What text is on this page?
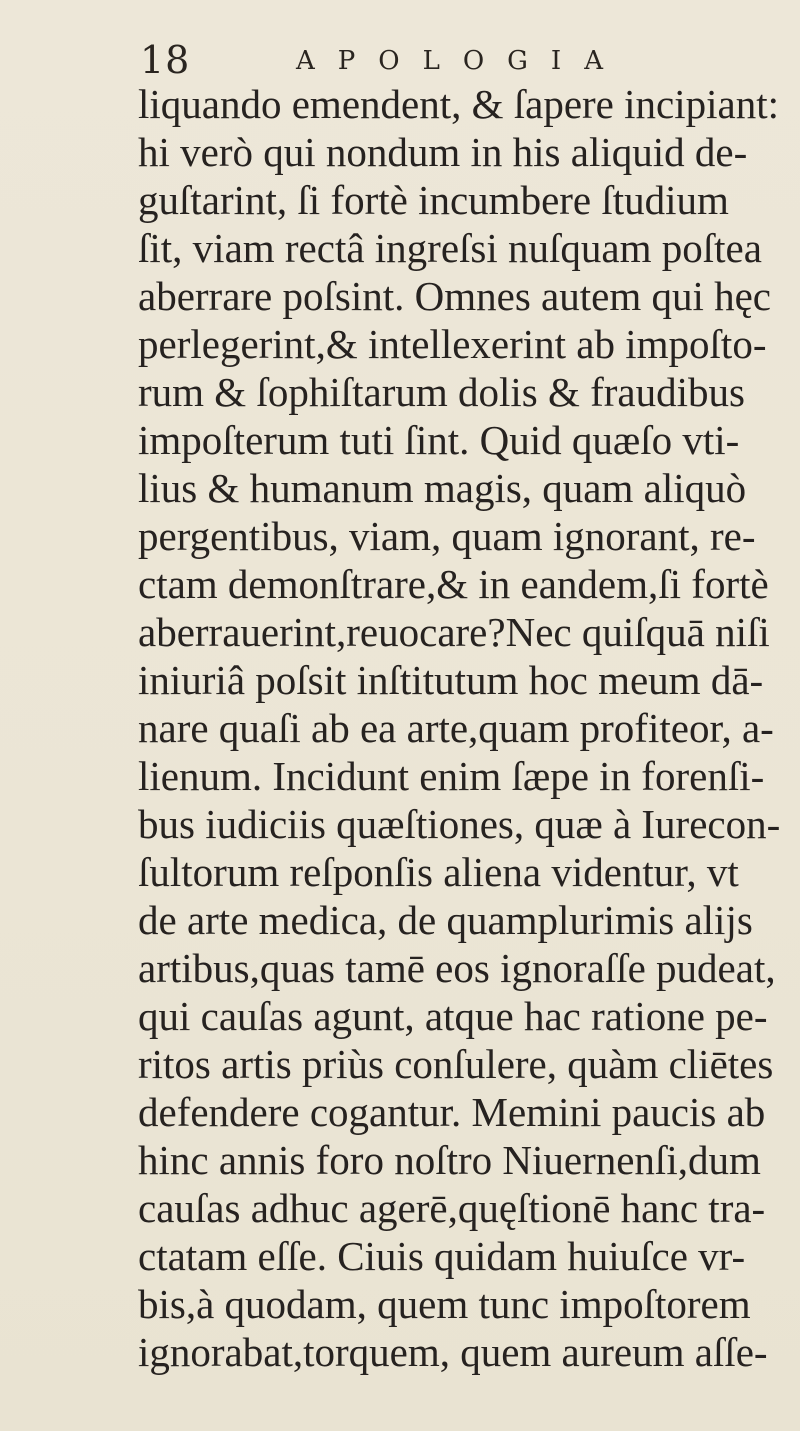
18	APOLOGIA
liquando emendent, & ſapere incipiant:
hi verò qui nondum in his aliquid de-
guſtarint, ſi fortè incumbere ſtudium
ſit, viam rectâ ingreſsi nuſquam poſtea
aberrare poſsint. Omnes autem qui hęc
perlegerint,& intellexerint ab impoſto-
rum & ſophiſtarum dolis & fraudibus
impoſterum tuti ſint. Quid quæſo vti-
lius & humanum magis, quam aliquò
pergentibus, viam, quam ignorant, re-
ctam demonſtrare,& in eandem,ſi fortè
aberrauerint,reuocare?Nec quiſquā niſi
iniuriâ poſsit inſtitutum hoc meum dā-
nare quaſi ab ea arte,quam profiteor, a-
lienum. Incidunt enim ſæpe in forenſi-
bus iudiciis quæſtiones, quæ à Iurecon-
ſultorum reſponſis aliena videntur, vt
de arte medica, de quamplurimis alijs
artibus,quas tamē eos ignoraſſe pudeat,
qui cauſas agunt, atque hac ratione pe-
ritos artis priùs conſulere, quàm cliētes
defendere cogantur. Memini paucis ab
hinc annis foro noſtro Niuernenſi,dum
cauſas adhuc agerē,quęſtionē hanc tra-
ctatam eſſe. Ciuis quidam huiuſce vr-
bis,à quodam, quem tunc impoſtorem
ignorabat,torquem, quem aureum aſſe-
